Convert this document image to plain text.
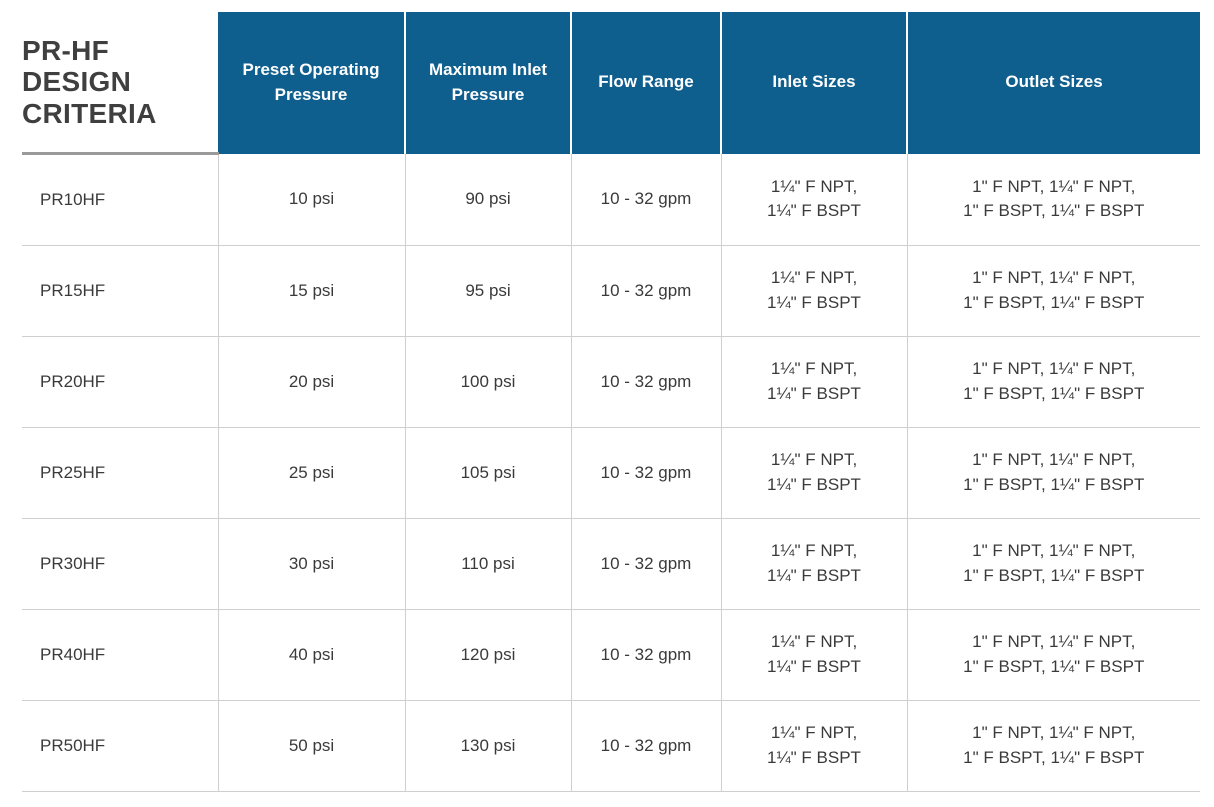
PR-HF DESIGN CRITERIA	Preset Operating Pressure	Maximum Inlet Pressure	Flow Range	Inlet Sizes	Outlet Sizes
PR10HF	10 psi	90 psi	10 - 32 gpm	1¼" F NPT,
1¼" F BSPT	1" F NPT, 1¼" F NPT,
1" F BSPT, 1¼" F BSPT

PR15HF	15 psi	95 psi	10 - 32 gpm	1¼" F NPT,
1¼" F BSPT	1" F NPT, 1¼" F NPT,
1" F BSPT, 1¼" F BSPT

PR20HF	20 psi	100 psi	10 - 32 gpm	1¼" F NPT,
1¼" F BSPT	1" F NPT, 1¼" F NPT,
1" F BSPT, 1¼" F BSPT

PR25HF	25 psi	105 psi	10 - 32 gpm	1¼" F NPT,
1¼" F BSPT	1" F NPT, 1¼" F NPT,
1" F BSPT, 1¼" F BSPT

PR30HF	30 psi	110 psi	10 - 32 gpm	1¼" F NPT,
1¼" F BSPT	1" F NPT, 1¼" F NPT,
1" F BSPT, 1¼" F BSPT

PR40HF	40 psi	120 psi	10 - 32 gpm	1¼" F NPT,
1¼" F BSPT	1" F NPT, 1¼" F NPT,
1" F BSPT, 1¼" F BSPT

PR50HF	50 psi	130 psi	10 - 32 gpm	1¼" F NPT,
1¼" F BSPT	1" F NPT, 1¼" F NPT,
1" F BSPT, 1¼" F BSPT
